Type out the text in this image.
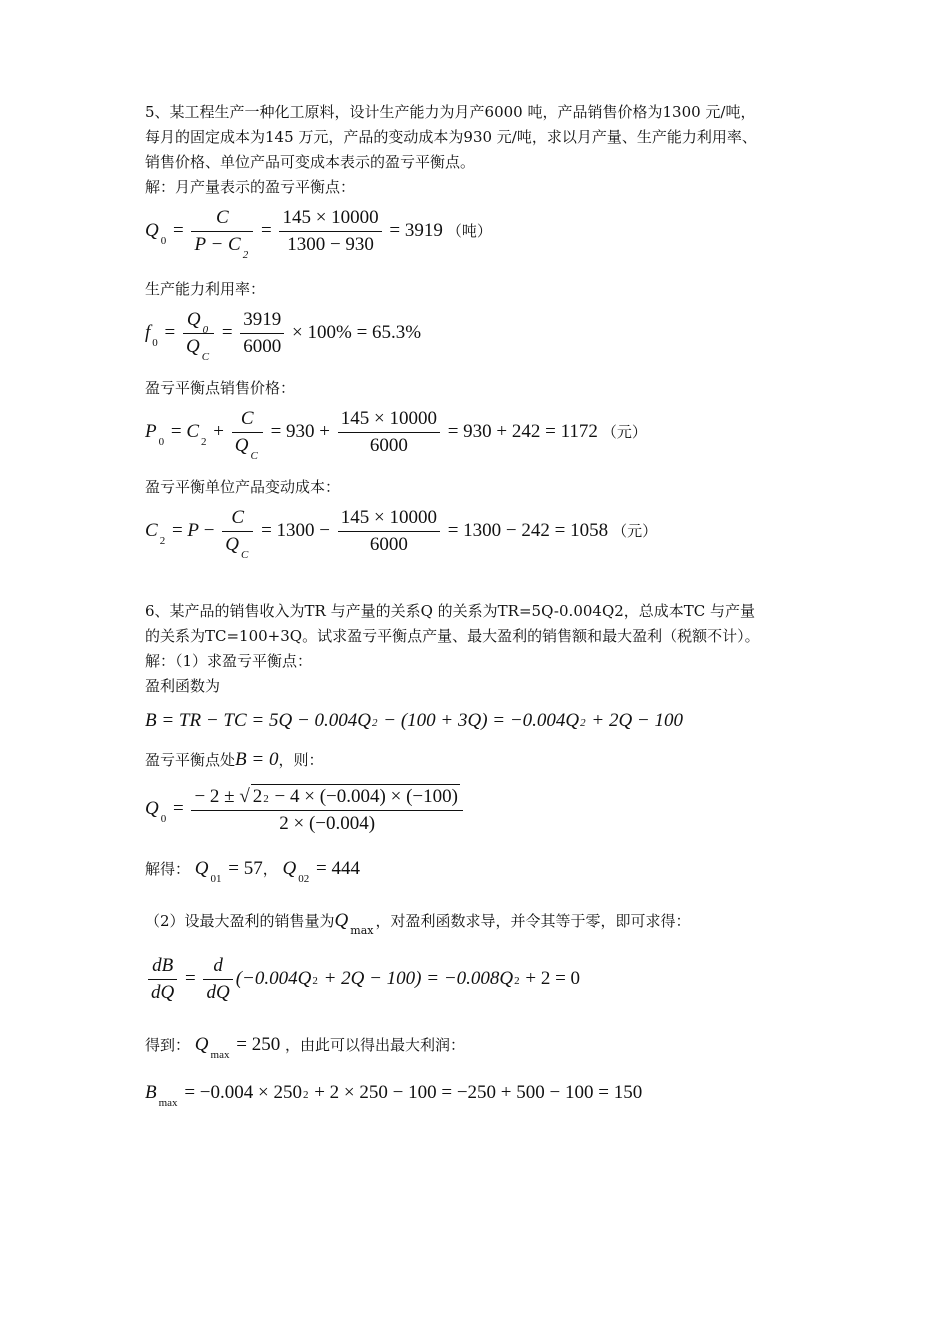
5、某工程生产一种化工原料，设计生产能力为月产6000 吨，产品销售价格为1300 元/吨，
每月的固定成本为145 万元，产品的变动成本为930 元/吨，求以月产量、生产能力利用率、
销售价格、单位产品可变成本表示的盈亏平衡点。
解：月产量表示的盈亏平衡点：
Q $_0 = \frac{C}{P - C _2} = \frac{145 \times 10000}{1300 - 930} = 3919$ （吨）
生产能力利用率：
f $_0 = \frac{Q _0}{Q _C} = \frac{3919}{6000} \times 100\% = 65.3\%$
盈亏平衡点销售价格：
P $_0$ = C $_2 + \frac{C}{Q _C} = 930 + \frac{145 \times 10000}{6000} = 930 + 242 = 1172$ （元）
盈亏平衡单位产品变动成本：
C $_2 = P - \frac{C}{Q _C} = 1300 - \frac{145 \times 10000}{6000} = 1300 - 242 = 1058$ （元）
6、某产品的销售收入为TR 与产量的关系Q 的关系为TR=5Q-0.004Q2，总成本TC 与产量
的关系为TC=100+3Q。试求盈亏平衡点产量、最大盈利的销售额和最大盈利（税额不计）。
解：（1）求盈亏平衡点：
盈利函数为
B = TR − TC = 5Q − 0.004Q2 − (100 + 3Q) = −0.004Q2 + 2Q − 100
盈亏平衡点处B = 0，则：
Q $_0 = \frac{- 2 \pm √ 22 - 4 \times (-0.004) \times (-100)}{2 \times (-0.004)}$
解得： Q $_{01}$ = 57， Q $_{02}$ = 444
（2）设最大盈利的销售量为Q $_{max}$，对盈利函数求导，并令其等于零，即可求得：
$\frac{dB}{dQ} = \frac{d}{dQ} (-0.004Q2 + 2Q - 100) = -0.008Q2 + 2 = 0$
得到： Q $_{max}$ = 250 ，由此可以得出最大利润：
B $_{max}$ = −0.004 × 2502 + 2 × 250 − 100 = −250 + 500 − 100 = 150
